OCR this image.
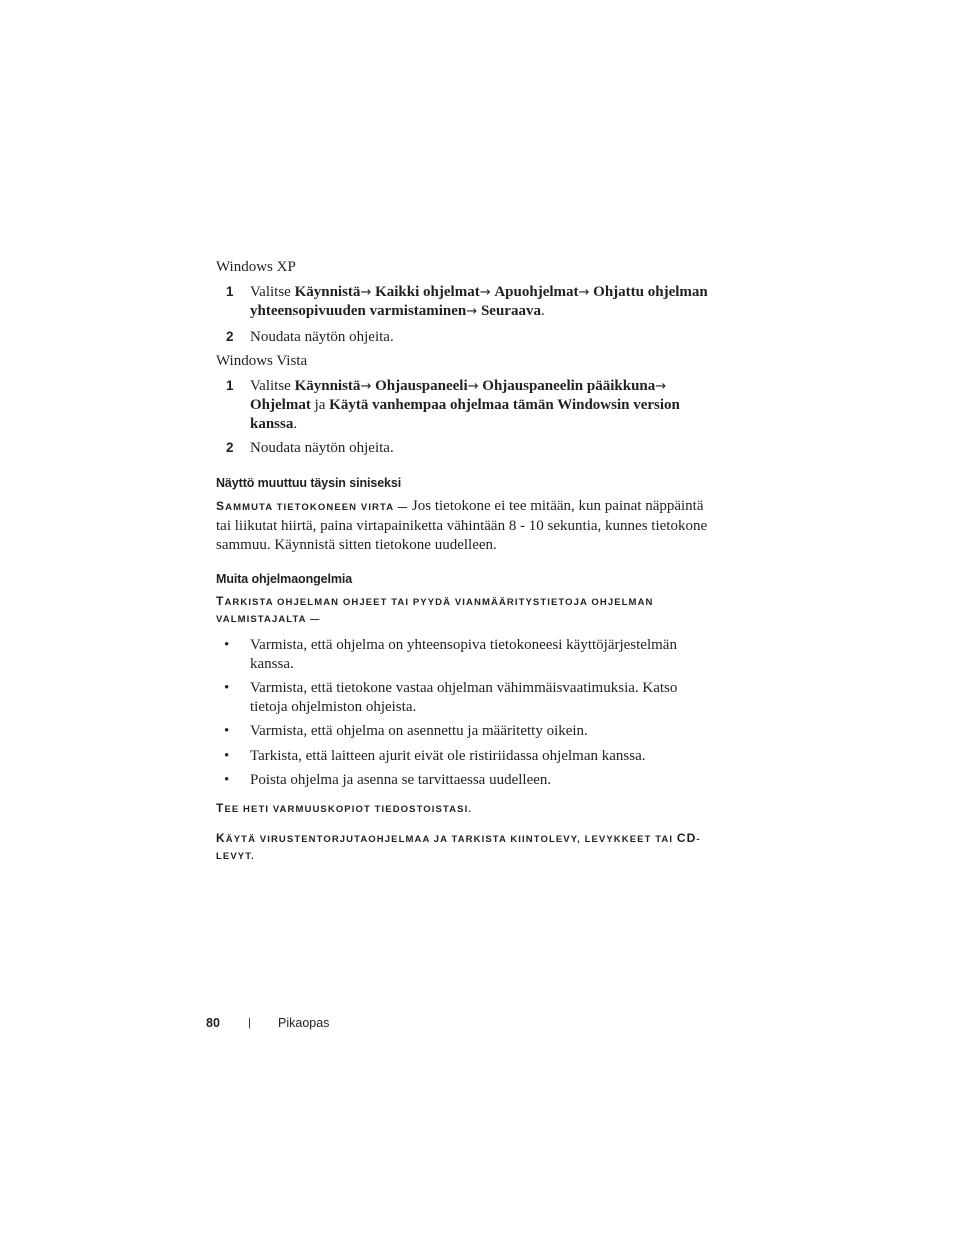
Windows XP

1	Valitse Käynnistä→ Kaikki ohjelmat→ Apuohjelmat→ Ohjattu ohjelman yhteensopivuuden varmistaminen→ Seuraava.
2	Noudata näytön ohjeita.

Windows Vista

1	Valitse Käynnistä→ Ohjauspaneeli→ Ohjauspaneelin pääikkuna→ Ohjelmat ja Käytä vanhempaa ohjelmaa tämän Windowsin version kanssa.
2	Noudata näytön ohjeita.
Näyttö muuttuu täysin siniseksi

SAMMUTA TIETOKONEEN VIRTA — Jos tietokone ei tee mitään, kun painat näppäintä tai liikutat hiirtä, paina virtapainiketta vähintään 8 - 10 sekuntia, kunnes tietokone sammuu. Käynnistä sitten tietokone uudelleen.

Muita ohjelmaongelmia
TARKISTA OHJELMAN OHJEET TAI PYYDÄ VIANMÄÄRITYSTIETOJA OHJELMAN VALMISTAJALTA —
•	Varmista, että ohjelma on yhteensopiva tietokoneesi käyttöjärjestelmän kanssa.
•	Varmista, että tietokone vastaa ohjelman vähimmäisvaatimuksia. Katso tietoja ohjelmiston ohjeista.
•	Varmista, että ohjelma on asennettu ja määritetty oikein.
•	Tarkista, että laitteen ajurit eivät ole ristiriidassa ohjelman kanssa.
•	Poista ohjelma ja asenna se tarvittaessa uudelleen.
TEE HETI VARMUUSKOPIOT TIEDOSTOISTASI.
KÄYTÄ VIRUSTENTORJUTAOHJELMAA JA TARKISTA KIINTOLEVY, LEVYKKEET TAI CD-LEVYT.
80	|	Pikaopas
